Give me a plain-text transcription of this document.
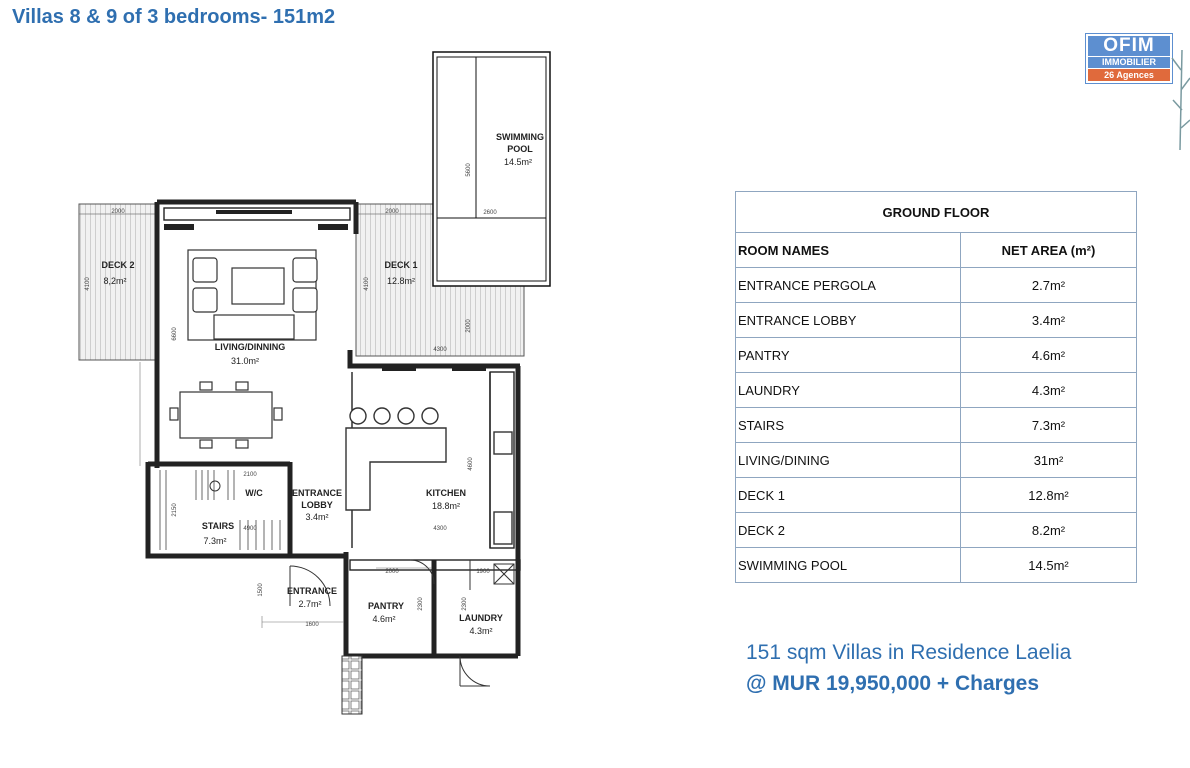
Villas 8 & 9 of 3 bedrooms- 151m2
OFIM
IMMOBILIER
26 Agences
SWIMMING
POOL
14.5m²
DECK 2
8,2m²
DECK 1
12.8m²
LIVING/DINNING
31.0m²
KITCHEN
18.8m²
W/C	ENTRANCE
LOBBY
3.4m²
STAIRS
7.3m²
ENTRANCE
2.7m²	PANTRY
4.6m²	LAUNDRY
4.3m²
2000	2000	2600
4300
4300
2100
4900
2000	1900
1600
5600
4100	4100
2000
6600
4600
2150
1500
2300	2300
GROUND FLOOR	
ROOM NAMES	NET AREA (m²)
ENTRANCE PERGOLA	2.7m²
ENTRANCE LOBBY	3.4m²
PANTRY	4.6m²
LAUNDRY	4.3m²
STAIRS	7.3m²
LIVING/DINING	31m²
DECK 1	12.8m²
DECK 2	8.2m²
SWIMMING POOL	14.5m²
151 sqm Villas in Residence Laelia
@ MUR 19,950,000 + Charges
